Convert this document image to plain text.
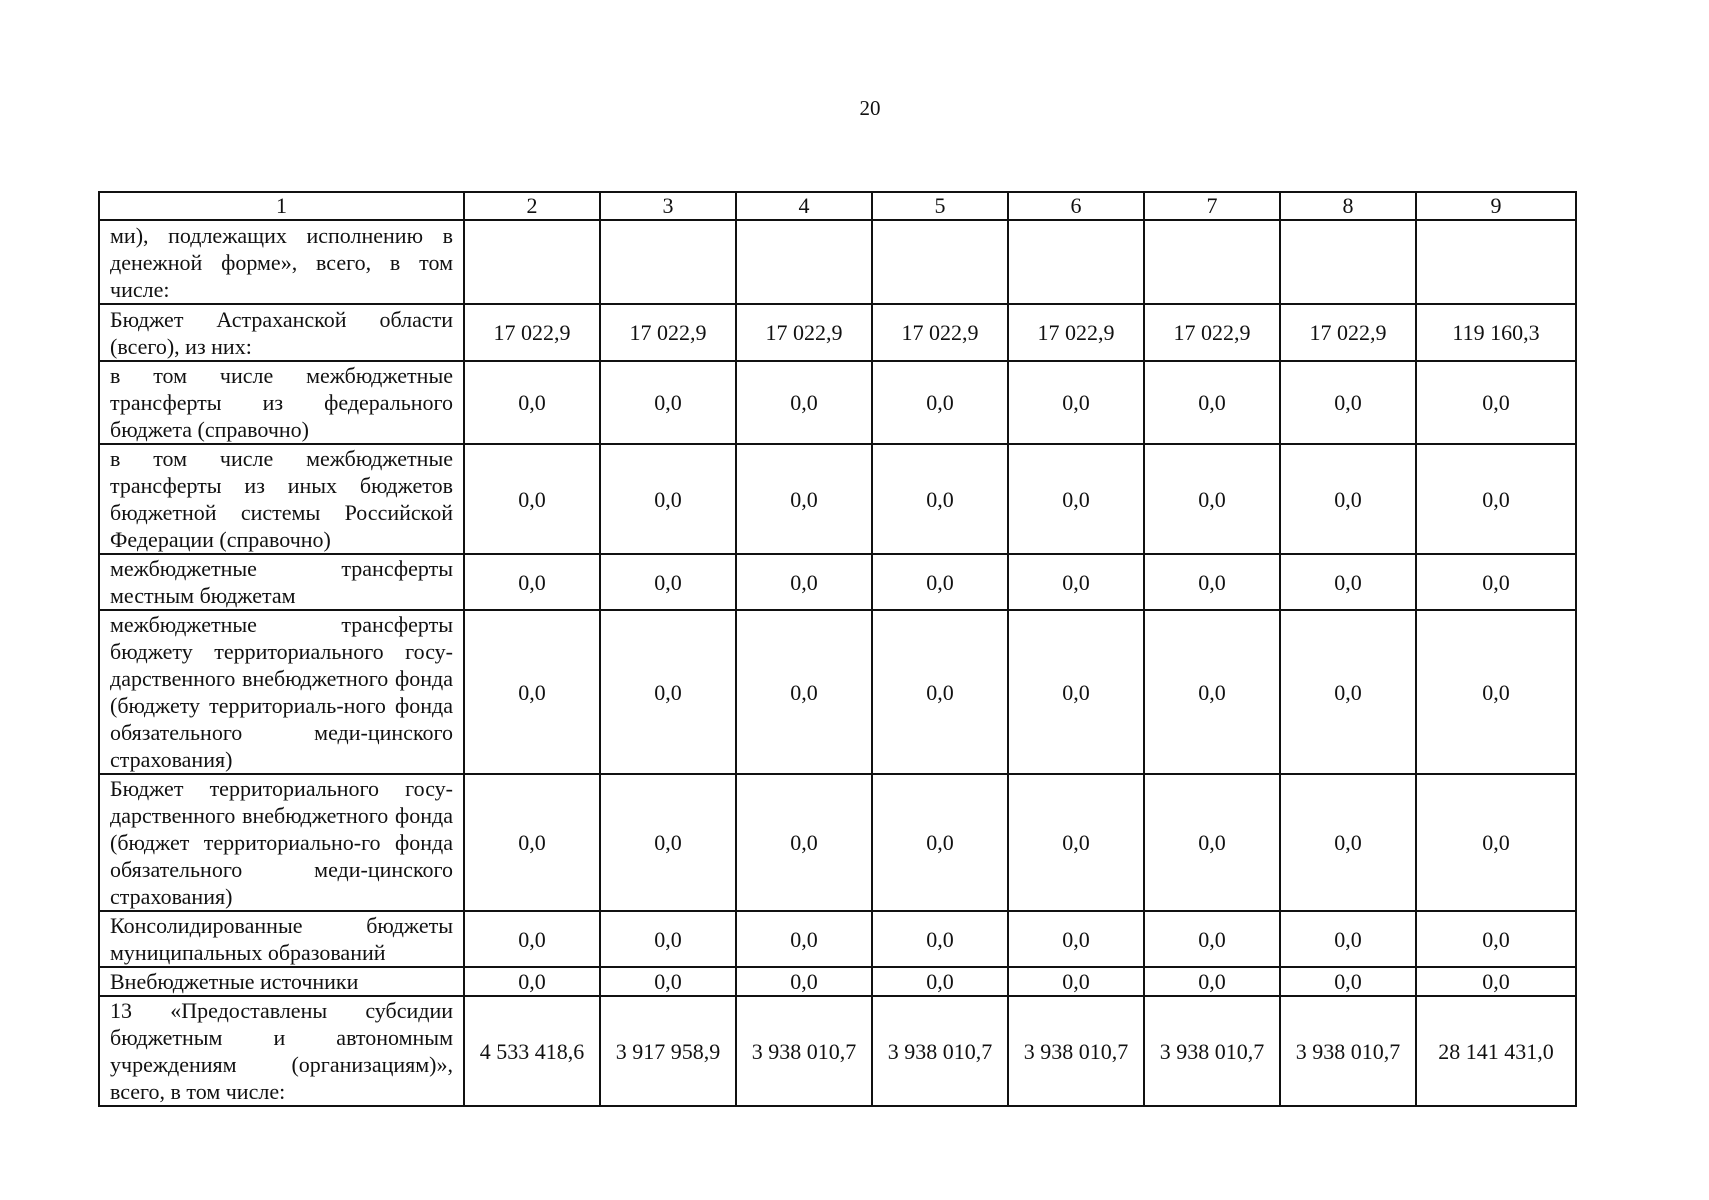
20
1	2	3	4	5	6	7	8	9
ми), подлежащих исполнению в денежной форме», всего, в том числе:								
Бюджет Астраханской области (всего), из них:	17 022,9	17 022,9	17 022,9	17 022,9	17 022,9	17 022,9	17 022,9	119 160,3
в том числе межбюджетные трансферты из федерального бюджета (справочно)	0,0	0,0	0,0	0,0	0,0	0,0	0,0	0,0
в том числе межбюджетные трансферты из иных бюджетов бюджетной системы Российской Федерации (справочно)	0,0	0,0	0,0	0,0	0,0	0,0	0,0	0,0
межбюджетные трансферты местным бюджетам	0,0	0,0	0,0	0,0	0,0	0,0	0,0	0,0
межбюджетные трансферты бюджету территориального госу-дарственного внебюджетного фонда (бюджету территориаль-ного фонда обязательного меди-цинского страхования)	0,0	0,0	0,0	0,0	0,0	0,0	0,0	0,0
Бюджет территориального госу-дарственного внебюджетного фонда (бюджет территориально-го фонда обязательного меди-цинского страхования)	0,0	0,0	0,0	0,0	0,0	0,0	0,0	0,0
Консолидированные бюджеты муниципальных образований	0,0	0,0	0,0	0,0	0,0	0,0	0,0	0,0
Внебюджетные источники	0,0	0,0	0,0	0,0	0,0	0,0	0,0	0,0
13 «Предоставлены субсидии бюджетным и автономным учреждениям (организациям)», всего, в том числе:	4 533 418,6	3 917 958,9	3 938 010,7	3 938 010,7	3 938 010,7	3 938 010,7	3 938 010,7	28 141 431,0
